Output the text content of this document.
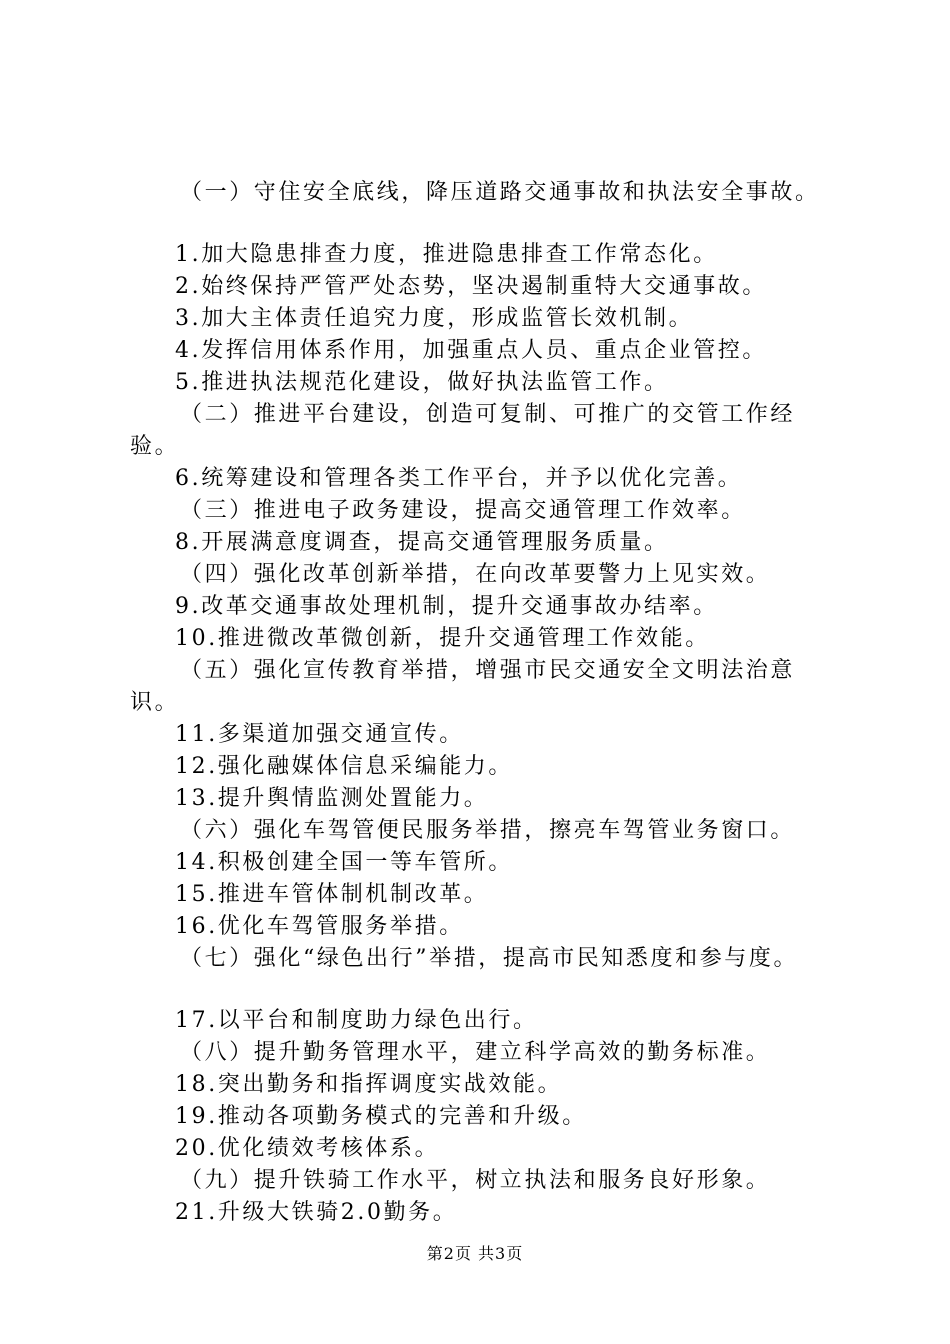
（一）守住安全底线，降压道路交通事故和执法安全事故。
1.加大隐患排查力度，推进隐患排查工作常态化。
2.始终保持严管严处态势，坚决遏制重特大交通事故。
3.加大主体责任追究力度，形成监管长效机制。
4.发挥信用体系作用，加强重点人员、重点企业管控。
5.推进执法规范化建设，做好执法监管工作。
（二）推进平台建设，创造可复制、可推广的交管工作经
验。
6.统筹建设和管理各类工作平台，并予以优化完善。
（三）推进电子政务建设，提高交通管理工作效率。
8.开展满意度调查，提高交通管理服务质量。
（四）强化改革创新举措，在向改革要警力上见实效。
9.改革交通事故处理机制，提升交通事故办结率。
10.推进微改革微创新，提升交通管理工作效能。
（五）强化宣传教育举措，增强市民交通安全文明法治意
识。
11.多渠道加强交通宣传。
12.强化融媒体信息采编能力。
13.提升舆情监测处置能力。
（六）强化车驾管便民服务举措，擦亮车驾管业务窗口。
14.积极创建全国一等车管所。
15.推进车管体制机制改革。
16.优化车驾管服务举措。
（七）强化“绿色出行”举措，提高市民知悉度和参与度。
17.以平台和制度助力绿色出行。
（八）提升勤务管理水平，建立科学高效的勤务标准。
18.突出勤务和指挥调度实战效能。
19.推动各项勤务模式的完善和升级。
20.优化绩效考核体系。
（九）提升铁骑工作水平，树立执法和服务良好形象。
21.升级大铁骑2.0勤务。
第2页 共3页
